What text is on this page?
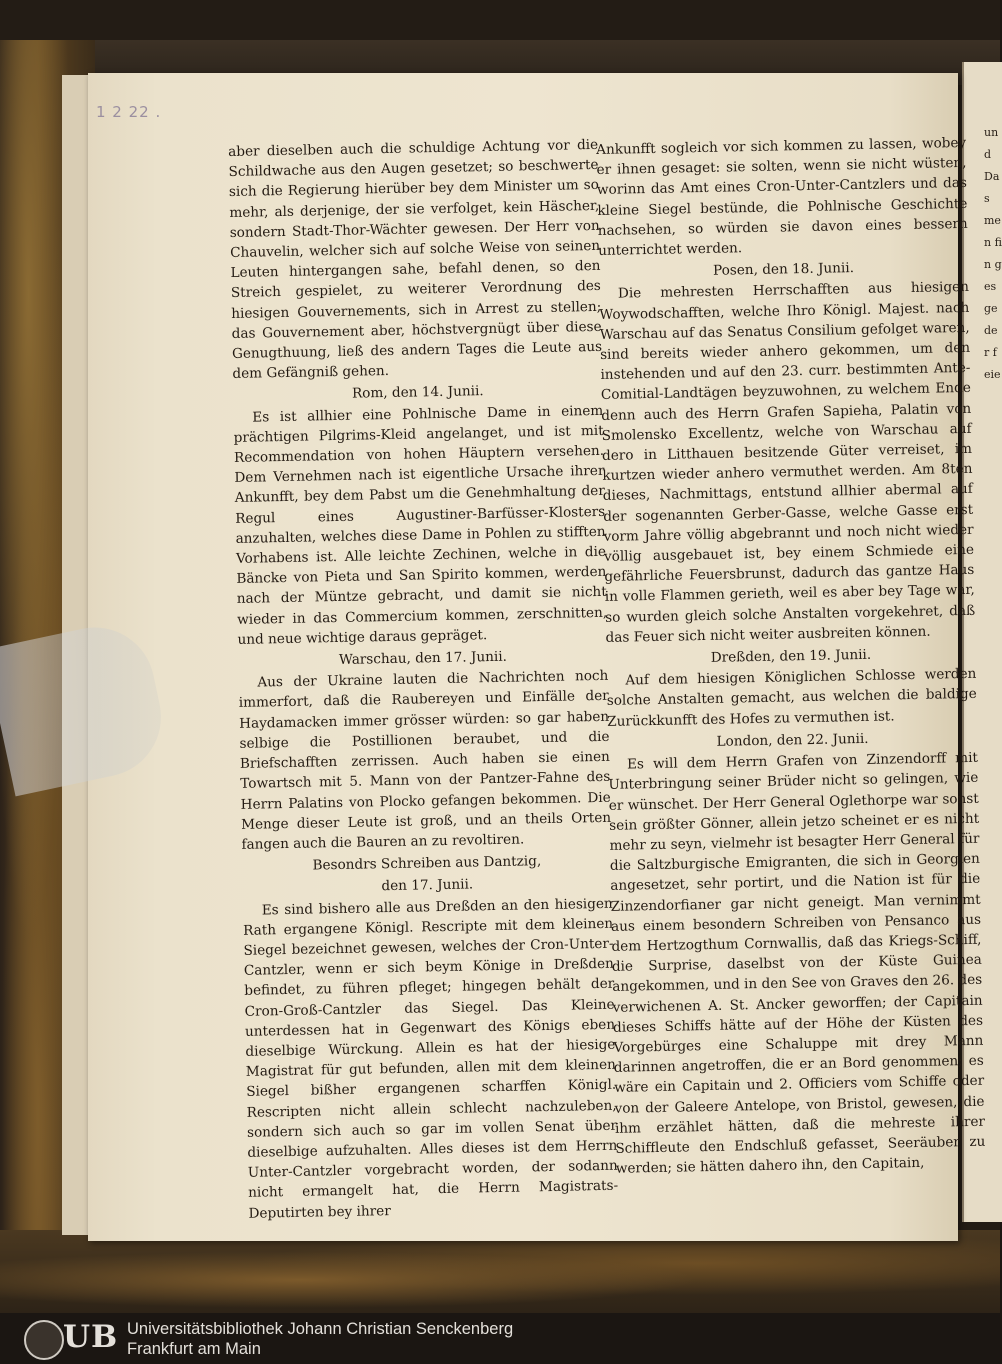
und Das men fin ges ge der feie
1 2 22 .

aber dieselben auch die schuldige Achtung vor die Schildwache aus den Augen gesetzet; so beschwerte sich die Regierung hierüber bey dem Minister um so mehr, als derjenige, der sie verfolget, kein Häscher, sondern Stadt-Thor-Wächter gewesen. Der Herr von Chauvelin, welcher sich auf solche Weise von seinen Leuten hintergangen sahe, befahl denen, so den Streich gespielet, zu weiterer Verordnung des hiesigen Gouvernements, sich in Arrest zu stellen; das Gouvernement aber, höchstvergnügt über diese Genugthuung, ließ des andern Tages die Leute aus dem Gefängniß gehen.

Rom, den 14. Junii.

Es ist allhier eine Pohlnische Dame in einem prächtigen Pilgrims-Kleid angelanget, und ist mit Recommendation von hohen Häuptern versehen. Dem Vernehmen nach ist eigentliche Ursache ihrer Ankunfft, bey dem Pabst um die Genehmhaltung der Regul eines Augustiner-Barfüsser-Klosters anzuhalten, welches diese Dame in Pohlen zu stifften Vorhabens ist. Alle leichte Zechinen, welche in die Bäncke von Pieta und San Spirito kommen, werden nach der Müntze gebracht, und damit sie nicht wieder in das Commercium kommen, zerschnitten, und neue wichtige daraus gepräget.

Warschau, den 17. Junii.

Aus der Ukraine lauten die Nachrichten noch immerfort, daß die Raubereyen und Einfälle der Haydamacken immer grösser würden: so gar haben selbige die Postillionen beraubet, und die Briefschafften zerrissen. Auch haben sie einen Towartsch mit 5. Mann von der Pantzer-Fahne des Herrn Palatins von Plocko gefangen bekommen. Die Menge dieser Leute ist groß, und an theils Orten fangen auch die Bauren an zu revoltiren.

Besondrs Schreiben aus Dantzig,

den 17. Junii.

Es sind bishero alle aus Dreßden an den hiesigen Rath ergangene Königl. Rescripte mit dem kleinen Siegel bezeichnet gewesen, welches der Cron-Unter-Cantzler, wenn er sich beym Könige in Dreßden befindet, zu führen pfleget; hingegen behält der Cron-Groß-Cantzler das Siegel. Das Kleine unterdessen hat in Gegenwart des Königs eben dieselbige Würckung. Allein es hat der hiesige Magistrat für gut befunden, allen mit dem kleinen Siegel bißher ergangenen scharffen Königl. Rescripten nicht allein schlecht nachzuleben, sondern sich auch so gar im vollen Senat über dieselbige aufzuhalten. Alles dieses ist dem Herrn Unter-Cantzler vorgebracht worden, der sodann nicht ermangelt hat, die Herrn Magistrats-Deputirten bey ihrer

Ankunfft sogleich vor sich kommen zu lassen, wobey er ihnen gesaget: sie solten, wenn sie nicht wüsten, worinn das Amt eines Cron-Unter-Cantzlers und das kleine Siegel bestünde, die Pohlnische Geschichte nachsehen, so würden sie davon eines bessern unterrichtet werden.

Posen, den 18. Junii.

Die mehresten Herrschafften aus hiesigen Woywodschafften, welche Ihro Königl. Majest. nach Warschau auf das Senatus Consilium gefolget waren, sind bereits wieder anhero gekommen, um den instehenden und auf den 23. curr. bestimmten Ante-Comitial-Landtägen beyzuwohnen, zu welchem Ende denn auch des Herrn Grafen Sapieha, Palatin von Smolensko Excellentz, welche von Warschau auf dero in Litthauen besitzende Güter verreiset, im kurtzen wieder anhero vermuthet werden. Am 8ten dieses, Nachmittags, entstund allhier abermal auf der sogenannten Gerber-Gasse, welche Gasse erst vorm Jahre völlig abgebrannt und noch nicht wieder völlig ausgebauet ist, bey einem Schmiede eine gefährliche Feuersbrunst, dadurch das gantze Haus in volle Flammen gerieth, weil es aber bey Tage war, so wurden gleich solche Anstalten vorgekehret, daß das Feuer sich nicht weiter ausbreiten können.

Dreßden, den 19. Junii.

Auf dem hiesigen Königlichen Schlosse werden solche Anstalten gemacht, aus welchen die baldige Zurückkunfft des Hofes zu vermuthen ist.

London, den 22. Junii.

Es will dem Herrn Grafen von Zinzendorff mit Unterbringung seiner Brüder nicht so gelingen, wie er wünschet. Der Herr General Oglethorpe war sonst sein größter Gönner, allein jetzo scheinet er es nicht mehr zu seyn, vielmehr ist besagter Herr General für die Saltzburgische Emigranten, die sich in Georgien angesetzet, sehr portirt, und die Nation ist für die Zinzendorfianer gar nicht geneigt. Man vernimmt aus einem besondern Schreiben von Pensanco aus dem Hertzogthum Cornwallis, daß das Kriegs-Schiff, die Surprise, daselbst von der Küste Guinea angekommen, und in den See von Graves den 26. des verwichenen A. St. Ancker geworffen; der Capitain dieses Schiffs hätte auf der Höhe der Küsten des Vorgebürges eine Schaluppe mit drey Mann darinnen angetroffen, die er an Bord genommen; es wäre ein Capitain und 2. Officiers vom Schiffe oder von der Galeere Antelope, von Bristol, gewesen, die ihm erzählet hätten, daß die mehreste ihrer Schiffleute den Endschluß gefasset, Seeräuber zu werden; sie hätten dahero ihn, den Capitain,

UB Universitätsbibliothek Johann Christian Senckenberg
Frankfurt am Main
